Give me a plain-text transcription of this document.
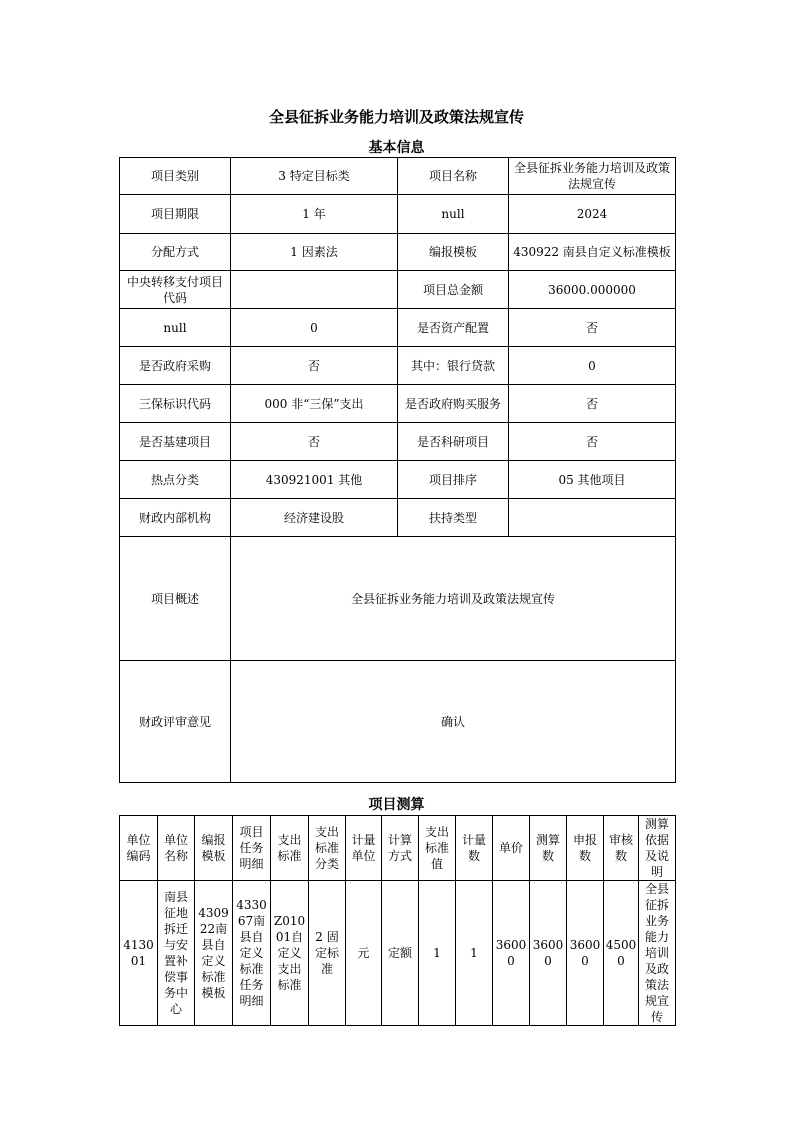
全县征拆业务能力培训及政策法规宣传
基本信息
项目类别	3 特定目标类	项目名称	全县征拆业务能力培训及政策法规宣传
项目期限	1 年	null	2024
分配方式	1 因素法	编报模板	430922 南县自定义标准模板
中央转移支付项目代码		项目总金额	36000.000000
null	0	是否资产配置	否
是否政府采购	否	其中：银行贷款	0
三保标识代码	000 非“三保”支出	是否政府购买服务	否
是否基建项目	否	是否科研项目	否
热点分类	430921001 其他	项目排序	05 其他项目
财政内部机构	经济建设股	扶持类型	
项目概述	全县征拆业务能力培训及政策法规宣传		
财政评审意见	确认		
项目测算
单位编码	单位名称	编报模板	项目任务明细	支出标准	支出标准分类	计量单位	计算方式	支出标准值	计量数	单价	测算数	申报数	审核数	测算依据及说明
413001	南县征地拆迁与安置补偿事务中心	430922南县自定义标准模板	433067南县自定义标准任务明细	Z01001自定义支出标准	2 固定标准	元	定额	1	1	36000	36000	36000	45000	全县征拆业务能力培训及政策法规宣传
